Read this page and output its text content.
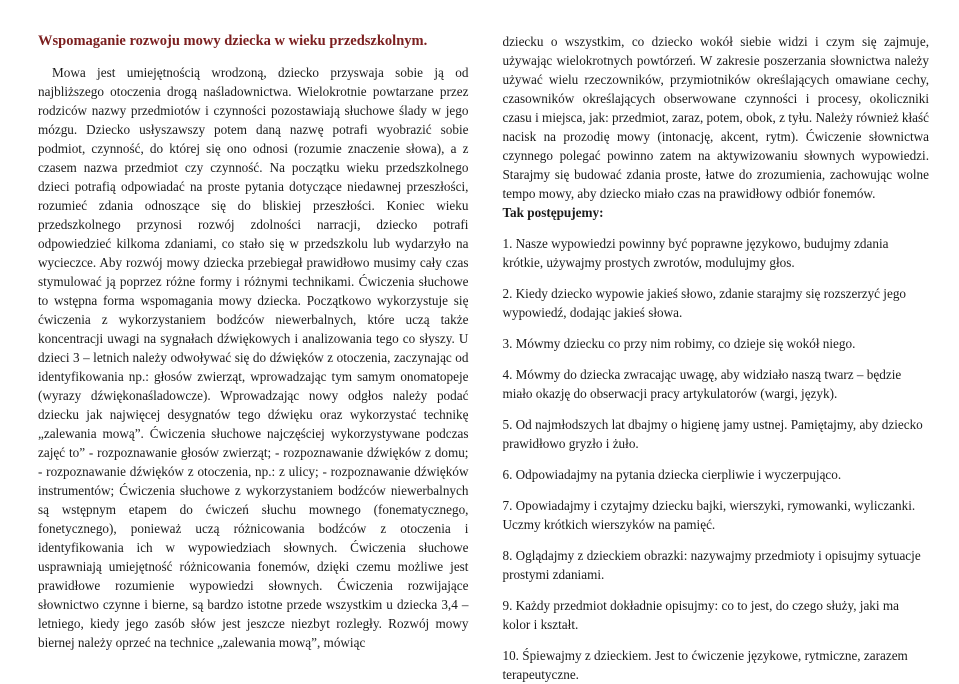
Wspomaganie rozwoju mowy dziecka w wieku przedszkolnym.

Mowa jest umiejętnością wrodzoną, dziecko przyswaja sobie ją od najbliższego otoczenia drogą naśladownictwa. Wielokrotnie powtarzane przez rodziców nazwy przedmiotów i czynności pozostawiają słuchowe ślady w jego mózgu. Dziecko usłyszawszy potem daną nazwę potrafi wyobrazić sobie podmiot, czynność, do której się ono odnosi (rozumie znaczenie słowa), a z czasem nazwa przedmiot czy czynność. Na początku wieku przedszkolnego dzieci potrafią odpowiadać na proste pytania dotyczące niedawnej przeszłości, rozumieć zdania odnoszące się do bliskiej przeszłości. Koniec wieku przedszkolnego przynosi rozwój zdolności narracji, dziecko potrafi odpowiedzieć kilkoma zdaniami, co stało się w przedszkolu lub wydarzyło na wycieczce. Aby rozwój mowy dziecka przebiegał prawidłowo musimy cały czas stymulować ją poprzez różne formy i różnymi technikami. Ćwiczenia słuchowe to wstępna forma wspomagania mowy dziecka. Początkowo wykorzystuje się ćwiczenia z wykorzystaniem bodźców niewerbalnych, które uczą także koncentracji uwagi na sygnałach dźwiękowych i analizowania tego co słyszy. U dzieci 3 – letnich należy odwoływać się do dźwięków z otoczenia, zaczynając od identyfikowania np.: głosów zwierząt, wprowadzając tym samym onomatopeje (wyrazy dźwiękonaśladowcze). Wprowadzając nowy odgłos należy podać dziecku jak najwięcej desygnatów tego dźwięku oraz wykorzystać technikę „zalewania mową”. Ćwiczenia słuchowe najczęściej wykorzystywane podczas zajęć to” - rozpoznawanie głosów zwierząt; - rozpoznawanie dźwięków z domu; - rozpoznawanie dźwięków z otoczenia, np.: z ulicy; - rozpoznawanie dźwięków instrumentów; Ćwiczenia słuchowe z wykorzystaniem bodźców niewerbalnych są wstępnym etapem do ćwiczeń słuchu mownego (fonematycznego, fonetycznego), ponieważ uczą różnicowania bodźców z otoczenia i identyfikowania ich w wypowiedziach słownych. Ćwiczenia słuchowe usprawniają umiejętność różnicowania fonemów, dzięki czemu możliwe jest prawidłowe rozumienie wypowiedzi słownych. Ćwiczenia rozwijające słownictwo czynne i bierne, są bardzo istotne przede wszystkim u dziecka 3,4 – letniego, kiedy jego zasób słów jest jeszcze niezbyt rozległy. Rozwój mowy biernej należy oprzeć na technice „zalewania mową”, mówiąc

dziecku o wszystkim, co dziecko wokół siebie widzi i czym się zajmuje, używając wielokrotnych powtórzeń. W zakresie poszerzania słownictwa należy używać wielu rzeczowników, przymiotników określających omawiane cechy, czasowników określających obserwowane czynności i procesy, okoliczniki czasu i miejsca, jak: przedmiot, zaraz, potem, obok, z tyłu. Należy również kłaść nacisk na prozodię mowy (intonację, akcent, rytm). Ćwiczenie słownictwa czynnego polegać powinno zatem na aktywizowaniu słownych wypowiedzi. Starajmy się budować zdania proste, łatwe do zrozumienia, zachowując wolne tempo mowy, aby dziecko miało czas na prawidłowy odbiór fonemów.

Tak postępujemy:

1. Nasze wypowiedzi powinny być poprawne językowo, budujmy zdania krótkie, używajmy prostych zwrotów, modulujmy głos.

2. Kiedy dziecko wypowie jakieś słowo, zdanie starajmy się rozszerzyć jego wypowiedź, dodając jakieś słowa.

3. Mówmy dziecku co przy nim robimy, co dzieje się wokół niego.

4. Mówmy do dziecka zwracając uwagę, aby widziało naszą twarz – będzie miało okazję do obserwacji pracy artykulatorów (wargi, język).

5. Od najmłodszych lat dbajmy o higienę jamy ustnej. Pamiętajmy, aby dziecko prawidłowo gryzło i żuło.

6. Odpowiadajmy na pytania dziecka cierpliwie i wyczerpująco.

7. Opowiadajmy i czytajmy dziecku bajki, wierszyki, rymowanki, wyliczanki. Uczmy krótkich wierszyków na pamięć.

8. Oglądajmy z dzieckiem obrazki: nazywajmy przedmioty i opisujmy sytuacje prostymi zdaniami.

9. Każdy przedmiot dokładnie opisujmy: co to jest, do czego służy, jaki ma kolor i kształt.

10. Śpiewajmy z dzieckiem. Jest to ćwiczenie językowe, rytmiczne, zarazem terapeutyczne.
